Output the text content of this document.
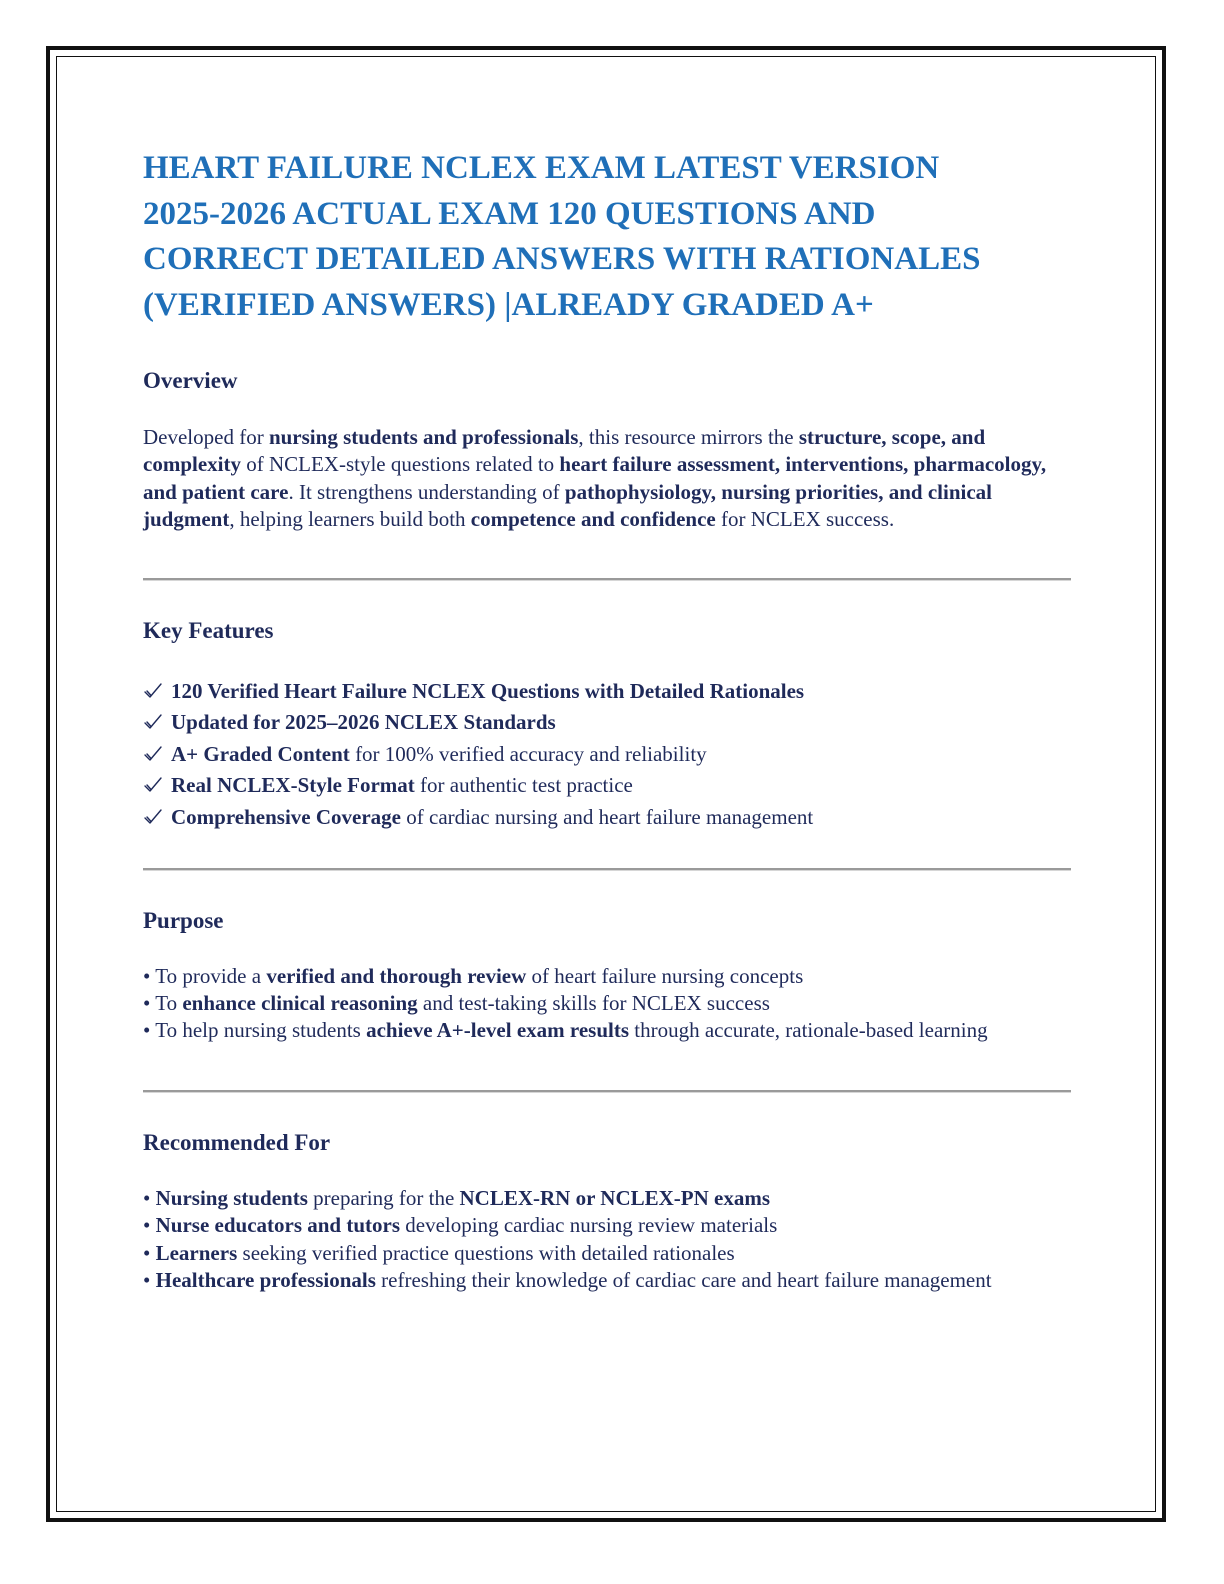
HEART FAILURE NCLEX EXAM LATEST VERSION
2025-2026 ACTUAL EXAM 120 QUESTIONS AND
CORRECT DETAILED ANSWERS WITH RATIONALES
(VERIFIED ANSWERS) |ALREADY GRADED A+
Overview

Developed for nursing students and professionals, this resource mirrors the structure, scope, and complexity of NCLEX-style questions related to heart failure assessment, interventions, pharmacology, and patient care. It strengthens understanding of pathophysiology, nursing priorities, and clinical judgment, helping learners build both competence and confidence for NCLEX success.

Key Features

120 Verified Heart Failure NCLEX Questions with Detailed Rationales

Updated for 2025–2026 NCLEX Standards

A+ Graded Content for 100% verified accuracy and reliability

Real NCLEX-Style Format for authentic test practice

Comprehensive Coverage of cardiac nursing and heart failure management

Purpose

• To provide a verified and thorough review of heart failure nursing concepts

• To enhance clinical reasoning and test-taking skills for NCLEX success

• To help nursing students achieve A+-level exam results through accurate, rationale-based learning

Recommended For

• Nursing students preparing for the NCLEX-RN or NCLEX-PN exams

• Nurse educators and tutors developing cardiac nursing review materials

• Learners seeking verified practice questions with detailed rationales

• Healthcare professionals refreshing their knowledge of cardiac care and heart failure management
